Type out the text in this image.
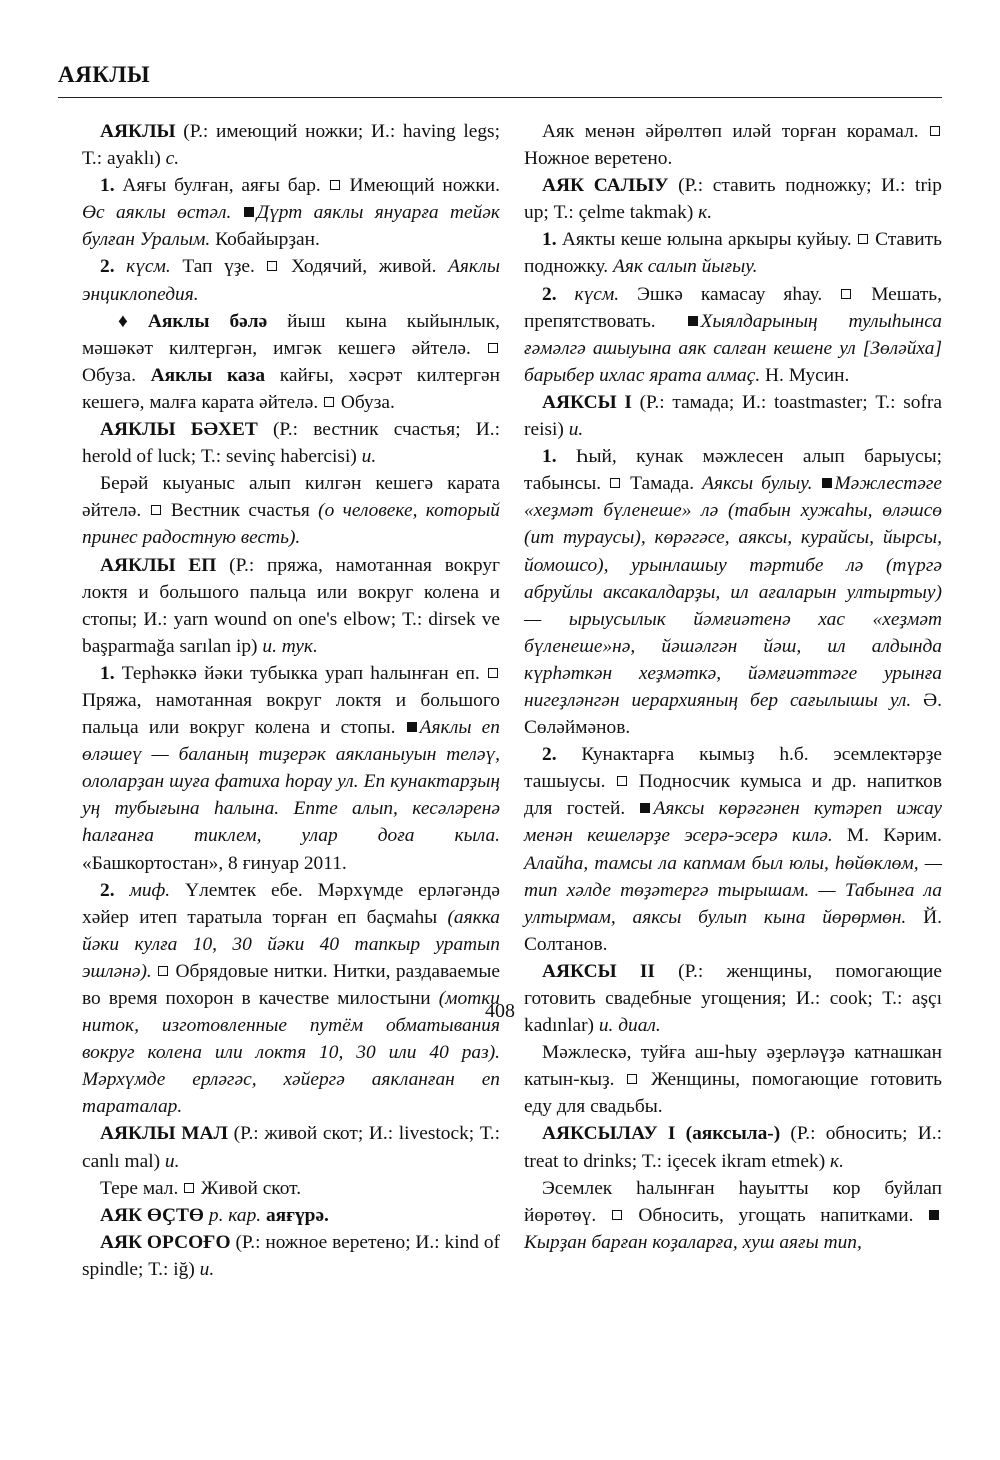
АЯКЛЫ

АЯКЛЫ (Р.: имеющий ножки; И.: having legs; Т.: ayaklı) с.

1. Аяғы булған, аяғы бар.  Имеющий ножки. Өс аяклы өстәл. Дүрт аяклы януарға тейәк булған Уралым. Кобайырҙан.

2. күсм. Тап үҙе.  Ходячий, живой. Аяклы энциклопедия.

♦ Аяклы бәлә йыш кына кыйынлык, мәшәкәт килтергән, имгәк кешегә әйтелә.  Обуза. Аяклы каза кайғы, хәсрәт килтергән кешегә, малға карата әйтелә.  Обуза.

АЯКЛЫ БӘХЕТ (Р.: вестник счастья; И.: herold of luck; Т.: sevinç habercisi) и.

Берәй кыуаныс алып килгән кешегә карата әйтелә.  Вестник счастья (о человеке, который принес радостную весть).

АЯКЛЫ ЕП (Р.: пряжа, намотанная вокруг локтя и большого пальца или вокруг колена и стопы; И.: yarn wound on one's elbow; Т.: dirsek ve başparmağa sarılan ip) и. тук.

1. Терһәккә йәки тубыкка урап һалынған еп.  Пряжа, намотанная вокруг локтя и большого пальца или вокруг колена и стопы. Аяклы еп өләшеү — баланың тиҙерәк аякланыуын теләү, ололарҙан шуға фатиха һорау ул. Еп кунактарҙың уң тубығына һалына. Епте алып, кесәләренә һалғанға тиклем, улар доға кыла. «Башкортостан», 8 ғинуар 2011.

2. миф. Үлемтек ебе. Мәрхүмде ерләгәндә хәйер итеп таратыла торған еп баҫмаһы (аякка йәки кулға 10, 30 йәки 40 тапкыр уратып эшләнә).  Обрядовые нитки. Нитки, раздаваемые во время похорон в качестве милостыни (мотки ниток, изготовленные путём обматывания вокруг колена или локтя 10, 30 или 40 раз). Мәрхүмде ерләгәс, хәйергә аякланған еп тараталар.

АЯКЛЫ МАЛ (Р.: живой скот; И.: livestock; Т.: canlı mal) и.

Тере мал.  Живой скот.

АЯК ӨҪТӨ р. кар. аяғүрә.

АЯК ОРСОҒО (Р.: ножное веретено; И.: kind of spindle; Т.: iğ) и.

Аяк менән әйрөлтөп иләй торған корамал.  Ножное веретено.

АЯК САЛЫУ (Р.: ставить подножку; И.: trip up; Т.: çelme takmak) к.

1. Аякты кеше юлына аркыры куйыу.  Ставить подножку. Аяк салып йығыу.

2. күсм. Эшкә камасау яһау.  Мешать, препятствовать. Хыялдарының тулыһынса ғәмәлгә ашыуына аяк салған кешене ул [Зөләйха] барыбер ихлас ярата алмаҫ. Н. Мусин.

АЯКСЫ I (Р.: тамада; И.: toastmaster; Т.: sofra reisi) и.

1. Һый, кунак мәжлесен алып барыусы; табынсы.  Тамада. Аяксы булыу. Мәжлестәге «хеҙмәт бүленеше» лә (табын хужаһы, өләшсө (ит тураусы), көрәгәсе, аяксы, курайсы, йырсы, йомошсо), урынлашыу тәртибе лә (түргә абруйлы аксакалдарҙы, ил ағаларын ултыртыу) — ырыусылык йәмғиәтенә хас «хеҙмәт бүленеше»нә, йәшәлгән йәш, ил алдында күрһәткән хеҙмәткә, йәмғиәттәге урынға нигеҙләнгән иерархияның бер сағылышы ул. Ә. Сөләймәнов.

2. Кунактарға кымыҙ һ.б. эсемлектәрҙе ташыусы.  Подносчик кумыса и др. напитков для гостей. Аяксы көрәгәнен кутәреп ижау менән кешеләрҙе эсерә-эсерә килә. М. Кәрим. Алайһа, тамсы ла капмам был юлы, һөйөклөм, — тип хәлде төҙәтергә тырышам. — Табынға ла ултырмам, аяксы булып кына йөрөрмөн. Й. Солтанов.

АЯКСЫ II (Р.: женщины, помогающие готовить свадебные угощения; И.: cook; Т.: aşçı kadınlar) и. диал.

Мәжлескә, туйға аш-һыу әҙерләүҙә катнашкан катын-кыҙ.  Женщины, помогающие готовить еду для свадьбы.

АЯКСЫЛАУ I (аяксыла-) (Р.: обносить; И.: treat to drinks; Т.: içecek ikram etmek) к.

Эсемлек һалынған һауытты кор буйлап йөрөтөү.  Обносить, угощать напитками. Кырҙан барған коҙаларға, хуш аяғы тип,

408
